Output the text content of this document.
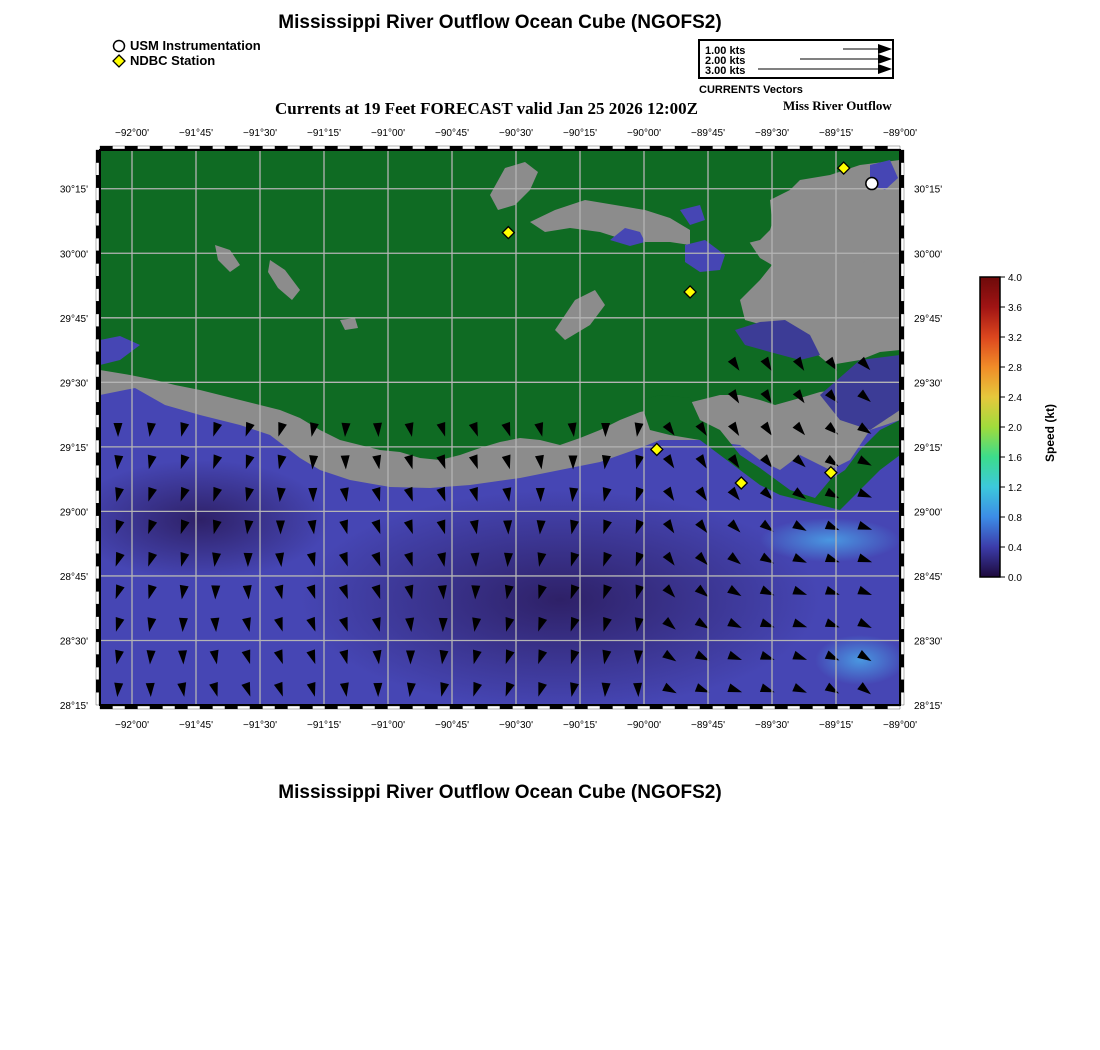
Mississippi River Outflow Ocean Cube (NGOFS2)
USM Instrumentation
NDBC Station
1.00 kts
2.00 kts
3.00 kts
CURRENTS Vectors
Currents at 19 Feet FORECAST valid Jan 25 2026 12:00Z	Miss River Outflow
−92°00'
−92°00'
−91°45'
−91°45'
−91°30'
−91°30'
−91°15'
−91°15'
−91°00'
−91°00'
−90°45'
−90°45'
−90°30'
−90°30'
−90°15'
−90°15'
−90°00'
−90°00'
−89°45'
−89°45'
−89°30'
−89°30'
−89°15'
−89°15'
−89°00'
−89°00'
30°15'	30°15'
30°00'	30°00'
29°45'	29°45'
29°30'	29°30'
29°15'	29°15'
29°00'	29°00'
28°45'	28°45'
28°30'	28°30'
28°15'	28°15'
4.0
3.6
3.2
2.8
2.4
2.0
1.6
1.2
0.8
0.4
0.0
Speed (kt)
Mississippi River Outflow Ocean Cube (NGOFS2)
